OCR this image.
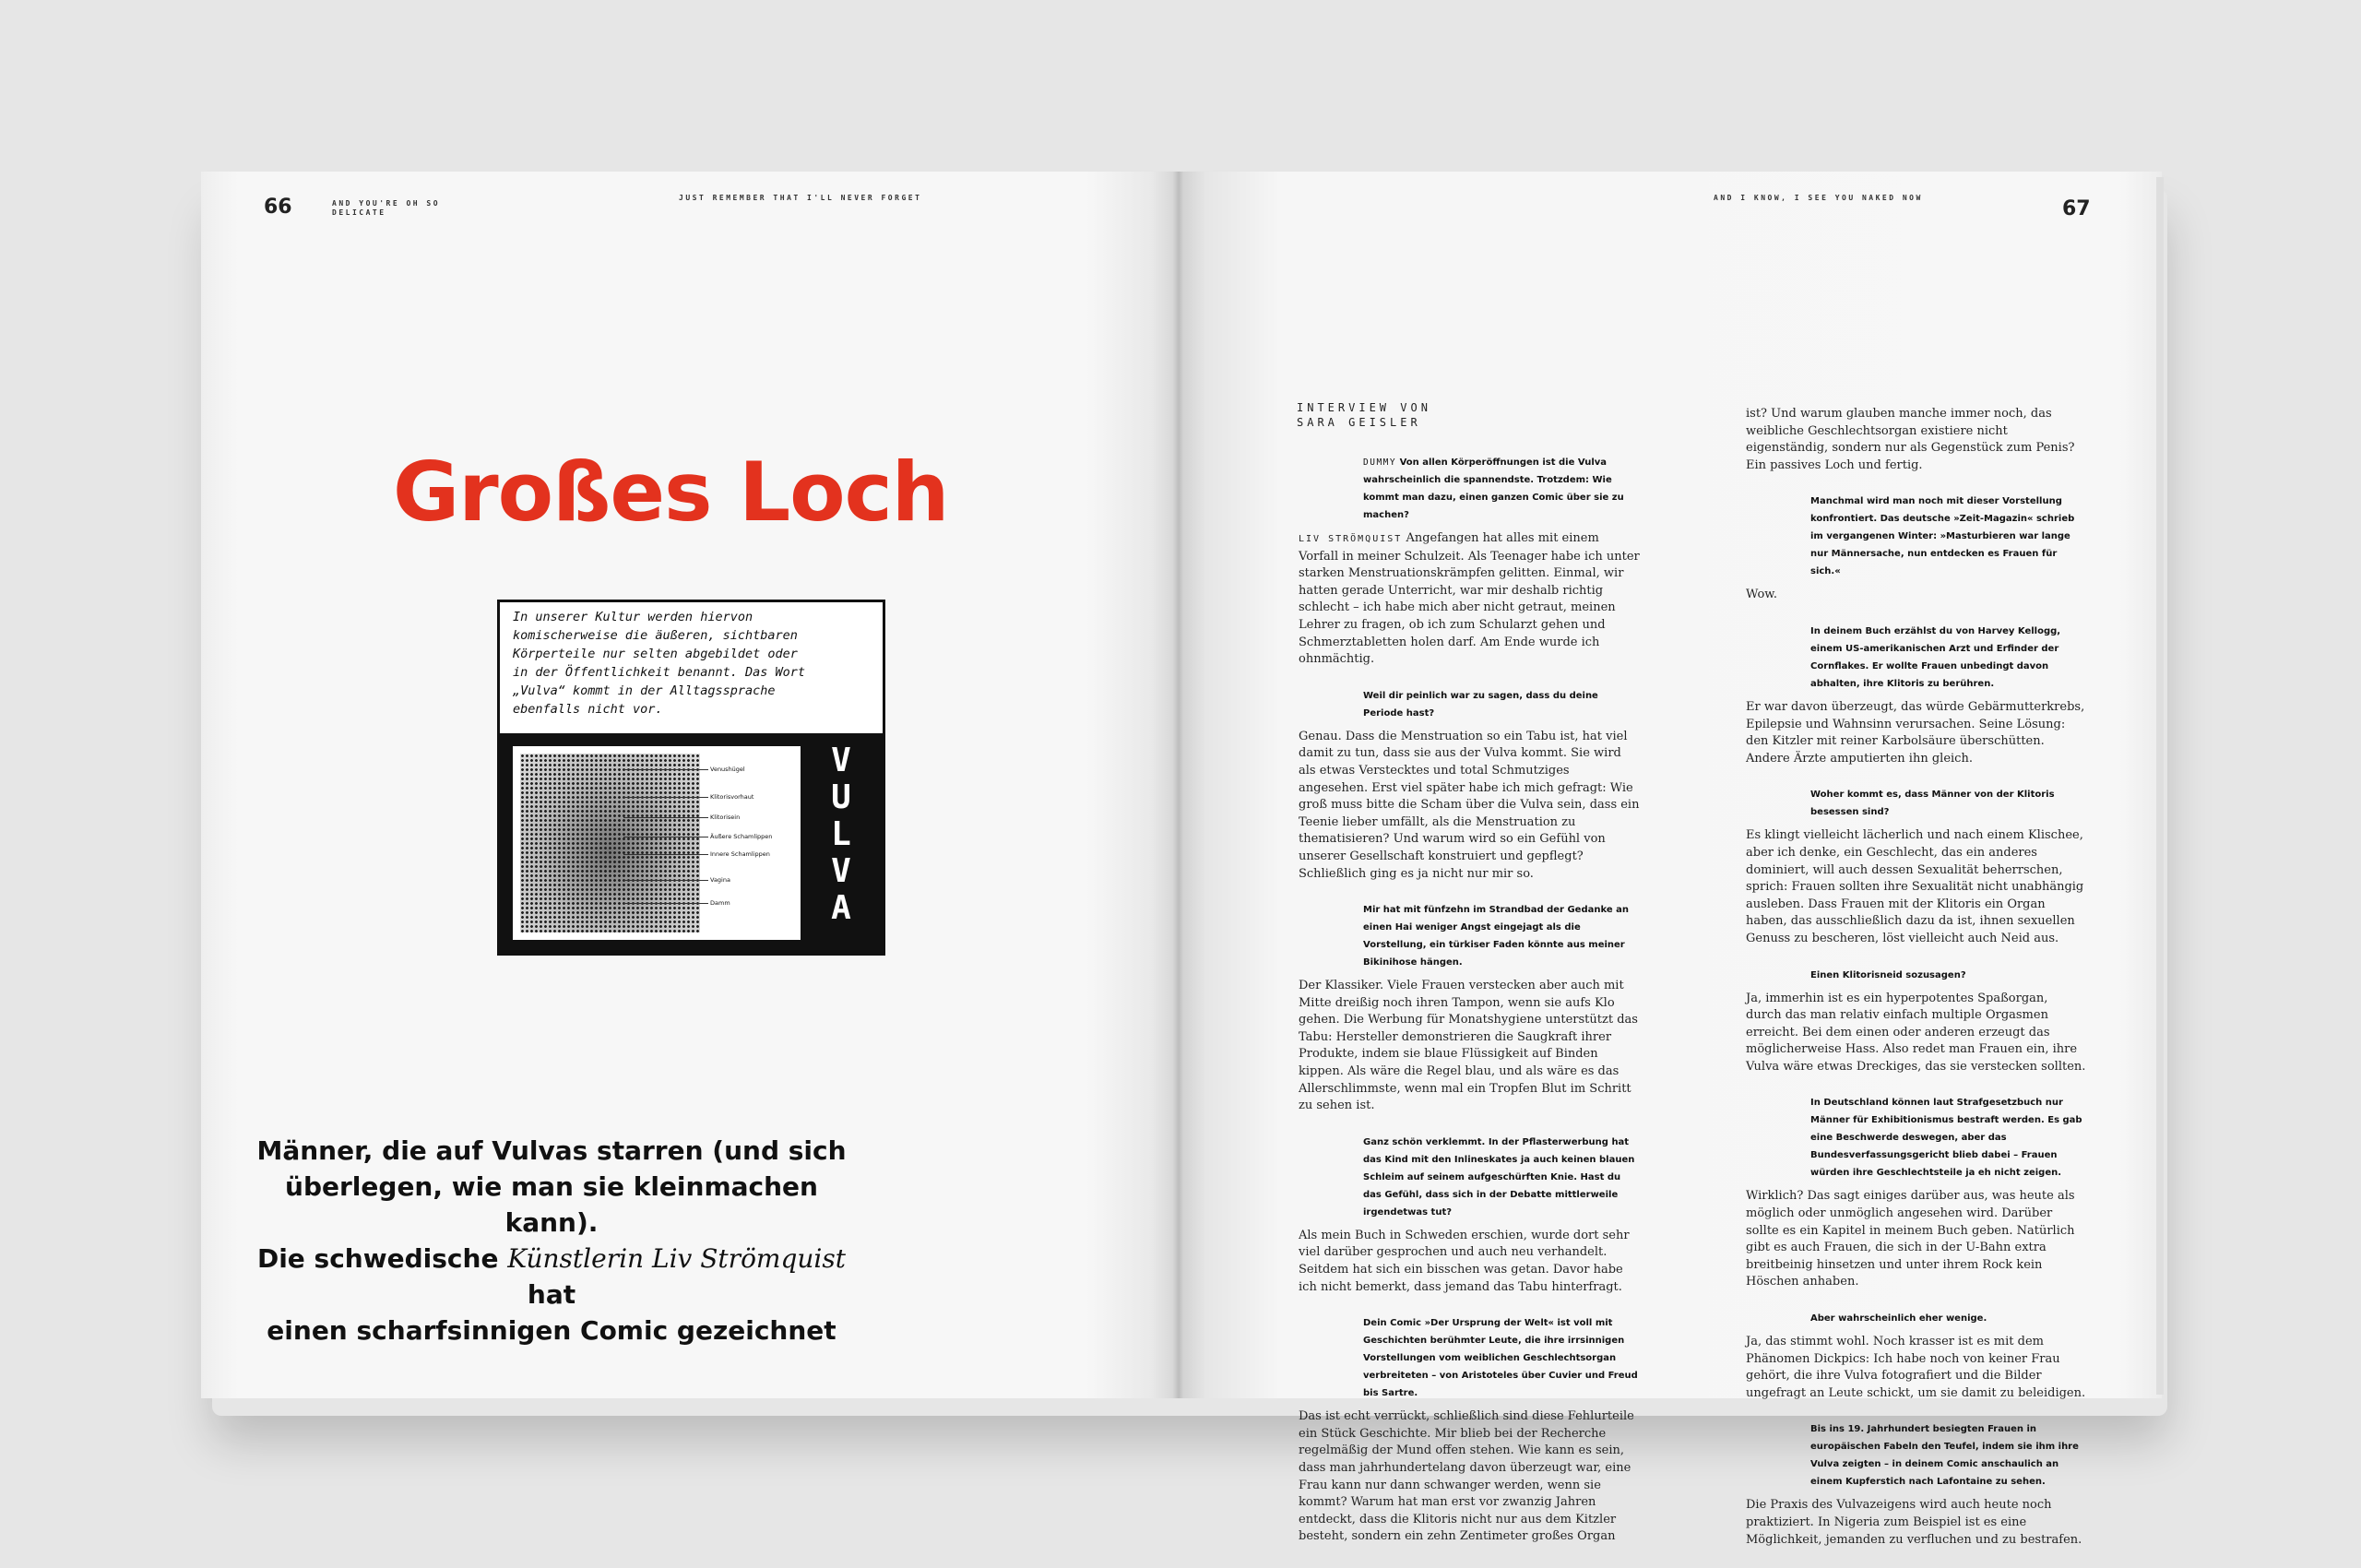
66	AND YOU'RE OH SO
DELICATE
JUST REMEMBER THAT I'LL NEVER FORGET
Großes Loch
In unserer Kultur werden hiervon
komischerweise die äußeren, sichtbaren
Körperteile nur selten abgebildet oder
in der Öffentlichkeit benannt. Das Wort
„Vulva“ kommt in der Alltagssprache
ebenfalls nicht vor.
Venushügel
Klitorisvorhaut
Klitorisein
Äußere Schamlippen
Innere Schamlippen
Vagina
Damm
V
U
L
V
A
Männer, die auf Vulvas starren (und sich
überlegen, wie man sie kleinmachen kann).
Die schwedische Künstlerin Liv Strömquist hat
einen scharfsinnigen Comic gezeichnet
AND I KNOW, I SEE YOU NAKED NOW	67
INTERVIEW VON
SARA GEISLER
DUMMY Von allen Körperöffnungen ist die Vulva wahrscheinlich die spannendste. Trotzdem: Wie kommt man dazu, einen ganzen Comic über sie zu machen?
LIV STRÖMQUIST Angefangen hat alles mit einem Vorfall in meiner Schulzeit. Als Teenager habe ich unter starken Menstruationskrämpfen gelitten. Einmal, wir hatten gerade Unterricht, war mir deshalb richtig schlecht – ich habe mich aber nicht getraut, meinen Lehrer zu fragen, ob ich zum Schularzt gehen und Schmerztabletten holen darf. Am Ende wurde ich ohnmächtig.
Weil dir peinlich war zu sagen, dass du deine Periode hast?
Genau. Dass die Menstruation so ein Tabu ist, hat viel damit zu tun, dass sie aus der Vulva kommt. Sie wird als etwas Verstecktes und total Schmutziges angesehen. Erst viel später habe ich mich gefragt: Wie groß muss bitte die Scham über die Vulva sein, dass ein Teenie lieber umfällt, als die Menstruation zu thematisieren? Und warum wird so ein Gefühl von unserer Gesellschaft konstruiert und gepflegt? Schließlich ging es ja nicht nur mir so.
Mir hat mit fünfzehn im Strandbad der Gedanke an einen Hai weniger Angst eingejagt als die Vorstellung, ein türkiser Faden könnte aus meiner Bikinihose hängen.
Der Klassiker. Viele Frauen verstecken aber auch mit Mitte dreißig noch ihren Tampon, wenn sie aufs Klo gehen. Die Werbung für Monatshygiene unterstützt das Tabu: Hersteller demonstrieren die Saugkraft ihrer Produkte, indem sie blaue Flüssigkeit auf Binden kippen. Als wäre die Regel blau, und als wäre es das Allerschlimmste, wenn mal ein Tropfen Blut im Schritt zu sehen ist.
Ganz schön verklemmt. In der Pflasterwerbung hat das Kind mit den Inlineskates ja auch keinen blauen Schleim auf seinem aufgeschürften Knie. Hast du das Gefühl, dass sich in der Debatte mittlerweile irgendetwas tut?
Als mein Buch in Schweden erschien, wurde dort sehr viel darüber gesprochen und auch neu verhandelt. Seitdem hat sich ein bisschen was getan. Davor habe ich nicht bemerkt, dass jemand das Tabu hinterfragt.
Dein Comic »Der Ursprung der Welt« ist voll mit Geschichten berühmter Leute, die ihre irrsinnigen Vorstellungen vom weiblichen Geschlechtsorgan verbreiteten – von Aristoteles über Cuvier und Freud bis Sartre.
Das ist echt verrückt, schließlich sind diese Fehlurteile ein Stück Geschichte. Mir blieb bei der Recherche regelmäßig der Mund offen stehen. Wie kann es sein, dass man jahrhundertelang davon überzeugt war, eine Frau kann nur dann schwanger werden, wenn sie kommt? Warum hat man erst vor zwanzig Jahren entdeckt, dass die Klitoris nicht nur aus dem Kitzler besteht, sondern ein zehn Zentimeter großes Organ
ist? Und warum glauben manche immer noch, das weibliche Geschlechtsorgan existiere nicht eigenständig, sondern nur als Gegenstück zum Penis? Ein passives Loch und fertig.
Manchmal wird man noch mit dieser Vorstellung konfrontiert. Das deutsche »Zeit-Magazin« schrieb im vergangenen Winter: »Masturbieren war lange nur Männersache, nun entdecken es Frauen für sich.«
Wow.
In deinem Buch erzählst du von Harvey Kellogg, einem US-amerikanischen Arzt und Erfinder der Cornflakes. Er wollte Frauen unbedingt davon abhalten, ihre Klitoris zu berühren.
Er war davon überzeugt, das würde Gebärmutterkrebs, Epilepsie und Wahnsinn verursachen. Seine Lösung: den Kitzler mit reiner Karbolsäure überschütten. Andere Ärzte amputierten ihn gleich.
Woher kommt es, dass Männer von der Klitoris besessen sind?
Es klingt vielleicht lächerlich und nach einem Klischee, aber ich denke, ein Geschlecht, das ein anderes dominiert, will auch dessen Sexualität beherrschen, sprich: Frauen sollten ihre Sexualität nicht unabhängig ausleben. Dass Frauen mit der Klitoris ein Organ haben, das ausschließlich dazu da ist, ihnen sexuellen Genuss zu bescheren, löst vielleicht auch Neid aus.
Einen Klitorisneid sozusagen?
Ja, immerhin ist es ein hyperpotentes Spaßorgan, durch das man relativ einfach multiple Orgasmen erreicht. Bei dem einen oder anderen erzeugt das möglicherweise Hass. Also redet man Frauen ein, ihre Vulva wäre etwas Dreckiges, das sie verstecken sollten.
In Deutschland können laut Strafgesetzbuch nur Männer für Exhibitionismus bestraft werden. Es gab eine Beschwerde deswegen, aber das Bundesverfassungsgericht blieb dabei – Frauen würden ihre Geschlechtsteile ja eh nicht zeigen.
Wirklich? Das sagt einiges darüber aus, was heute als möglich oder unmöglich angesehen wird. Darüber sollte es ein Kapitel in meinem Buch geben. Natürlich gibt es auch Frauen, die sich in der U-Bahn extra breitbeinig hinsetzen und unter ihrem Rock kein Höschen anhaben.
Aber wahrscheinlich eher wenige.
Ja, das stimmt wohl. Noch krasser ist es mit dem Phänomen Dickpics: Ich habe noch von keiner Frau gehört, die ihre Vulva fotografiert und die Bilder ungefragt an Leute schickt, um sie damit zu beleidigen.
Bis ins 19. Jahrhundert besiegten Frauen in europäischen Fabeln den Teufel, indem sie ihm ihre Vulva zeigten – in deinem Comic anschaulich an einem Kupferstich nach Lafontaine zu sehen.
Die Praxis des Vulvazeigens wird auch heute noch praktiziert. In Nigeria zum Beispiel ist es eine Möglichkeit, jemanden zu verfluchen und zu bestrafen.
